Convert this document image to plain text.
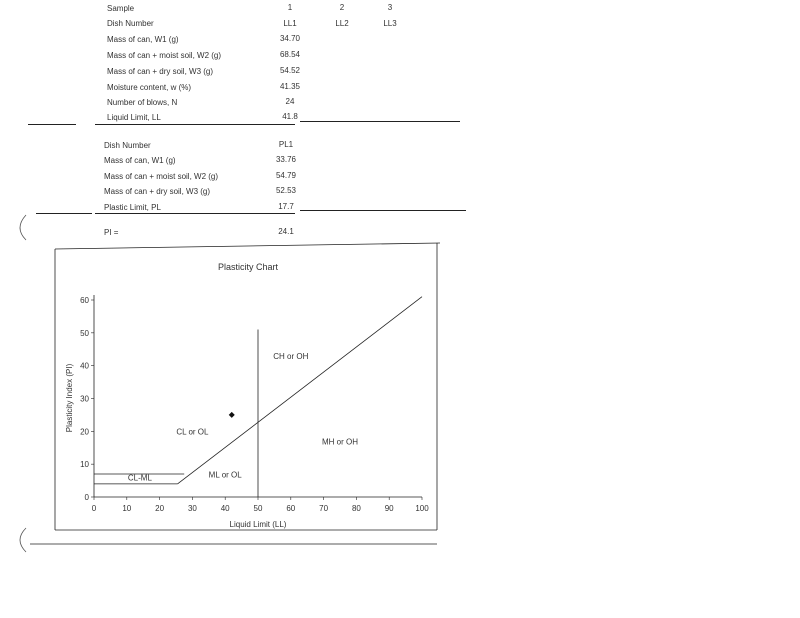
Sample	1	2	3
Dish Number	LL1	LL2	LL3
Mass of can, W1 (g)	34.70
Mass of can + moist soil, W2 (g)	68.54
Mass of can + dry soil, W3 (g)	54.52
Moisture content, w (%)	41.35
Number of blows, N	24
Liquid Limit, LL	41.8
Dish Number	PL1
Mass of can, W1 (g)	33.76
Mass of can + moist soil, W2 (g)	54.79
Mass of can + dry soil, W3 (g)	52.53
Plastic Limit, PL	17.7
PI =	24.1
Plasticity Chart
0	10	20	30	40	50	60	70	80	90	100
0
10
20
30
40
50
60
CL or OL
CH or OH
ML or OL
MH or OH
CL-ML
Liquid Limit (LL)
Plasticity Index (PI)
